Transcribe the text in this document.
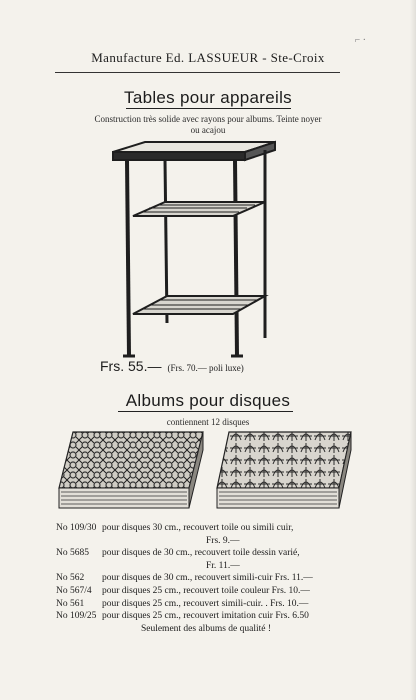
⌐ ·
Manufacture Ed. LASSUEUR - Ste-Croix
Tables pour appareils
Construction très solide avec rayons pour albums. Teinte noyer
ou acajou
Frs. 55.— (Frs. 70.— poli luxe)
Albums pour disques
contiennent 12 disques
No 109/30 pour disques 30 cm., recouvert toile ou simili cuir,
Frs. 9.—
No 5685	pour disques de 30 cm., recouvert toile dessin varié,
Fr. 11.—
No 562	pour disques de 30 cm., recouvert simili-cuir Frs. 11.—
No 567/4	pour disques 25 cm., recouvert toile couleur Frs. 10.—
No 561	pour disques 25 cm., recouvert simili-cuir. . Frs. 10.—
No 109/25 pour disques 25 cm., recouvert imitation cuir Frs. 6.50
Seulement des albums de qualité !
